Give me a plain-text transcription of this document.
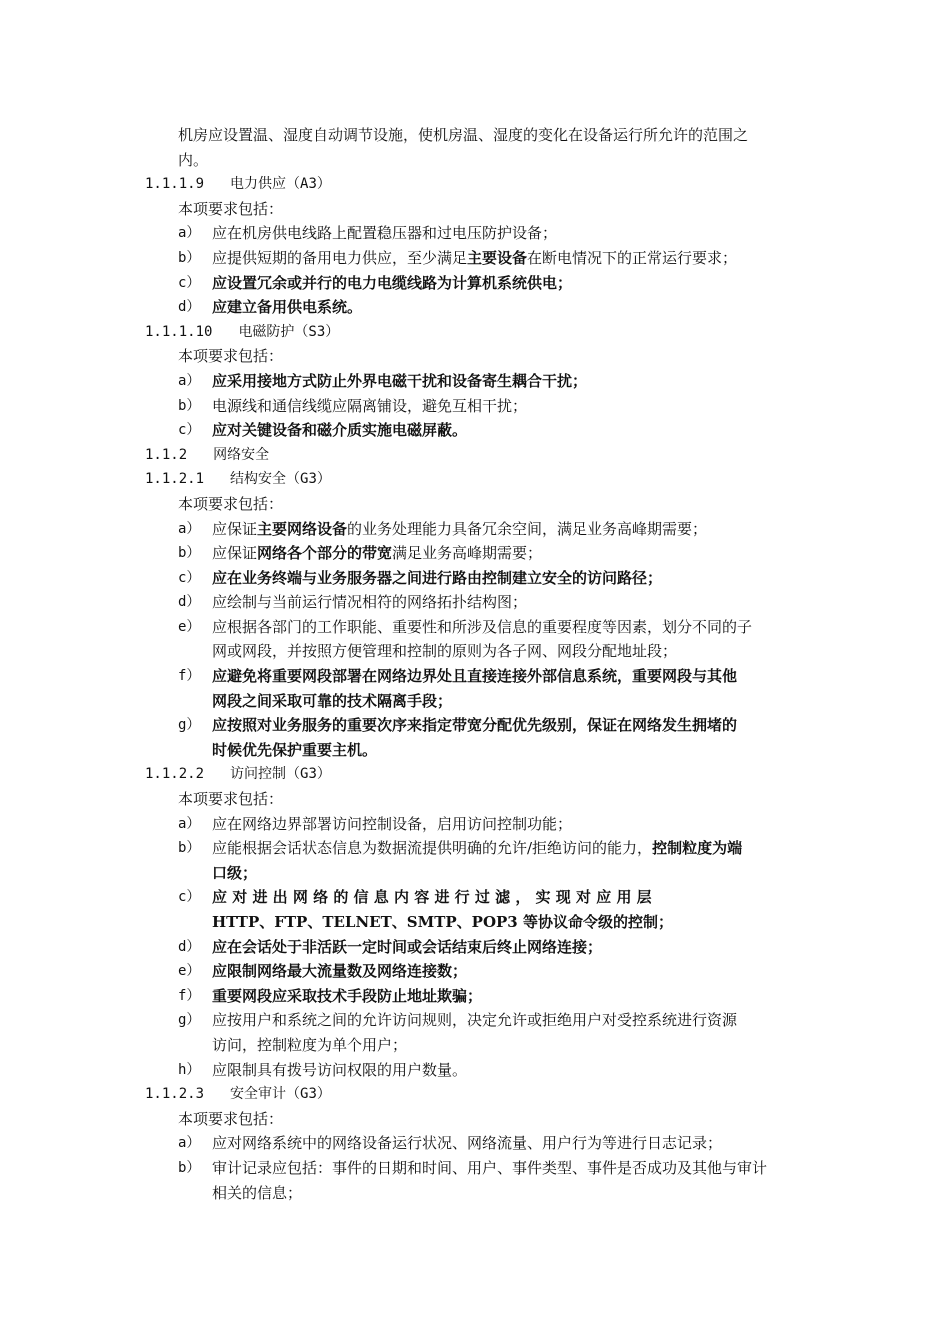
机房应设置温、湿度自动调节设施，使机房温、湿度的变化在设备运行所允许的范围之
内。
1.1.1.9 电力供应（A3）
本项要求包括：
a） 应在机房供电线路上配置稳压器和过电压防护设备；
b） 应提供短期的备用电力供应，至少满足主要设备在断电情况下的正常运行要求；
c） 应设置冗余或并行的电力电缆线路为计算机系统供电；
d） 应建立备用供电系统。
1.1.1.10 电磁防护（S3）
本项要求包括：
a） 应采用接地方式防止外界电磁干扰和设备寄生耦合干扰；
b） 电源线和通信线缆应隔离铺设，避免互相干扰；
c） 应对关键设备和磁介质实施电磁屏蔽。
1.1.2 网络安全
1.1.2.1 结构安全（G3）
本项要求包括：
a） 应保证主要网络设备的业务处理能力具备冗余空间，满足业务高峰期需要；
b） 应保证网络各个部分的带宽满足业务高峰期需要；
c） 应在业务终端与业务服务器之间进行路由控制建立安全的访问路径；
d） 应绘制与当前运行情况相符的网络拓扑结构图；
e） 应根据各部门的工作职能、重要性和所涉及信息的重要程度等因素，划分不同的子
网或网段，并按照方便管理和控制的原则为各子网、网段分配地址段；
f） 应避免将重要网段部署在网络边界处且直接连接外部信息系统，重要网段与其他
网段之间采取可靠的技术隔离手段；
g） 应按照对业务服务的重要次序来指定带宽分配优先级别，保证在网络发生拥堵的
时候优先保护重要主机。
1.1.2.2 访问控制（G3）
本项要求包括：
a） 应在网络边界部署访问控制设备，启用访问控制功能；
b） 应能根据会话状态信息为数据流提供明确的允许/拒绝访问的能力，控制粒度为端
口级；
c） 应 对 进 出 网 络 的 信 息 内 容 进 行 过 滤 ， 实 现 对 应 用 层
HTTP、FTP、TELNET、SMTP、POP3 等协议命令级的控制；
d） 应在会话处于非活跃一定时间或会话结束后终止网络连接；
e） 应限制网络最大流量数及网络连接数；
f） 重要网段应采取技术手段防止地址欺骗；
g） 应按用户和系统之间的允许访问规则，决定允许或拒绝用户对受控系统进行资源
访问，控制粒度为单个用户；
h） 应限制具有拨号访问权限的用户数量。
1.1.2.3 安全审计（G3）
本项要求包括：
a） 应对网络系统中的网络设备运行状况、网络流量、用户行为等进行日志记录；
b） 审计记录应包括：事件的日期和时间、用户、事件类型、事件是否成功及其他与审计
相关的信息；
